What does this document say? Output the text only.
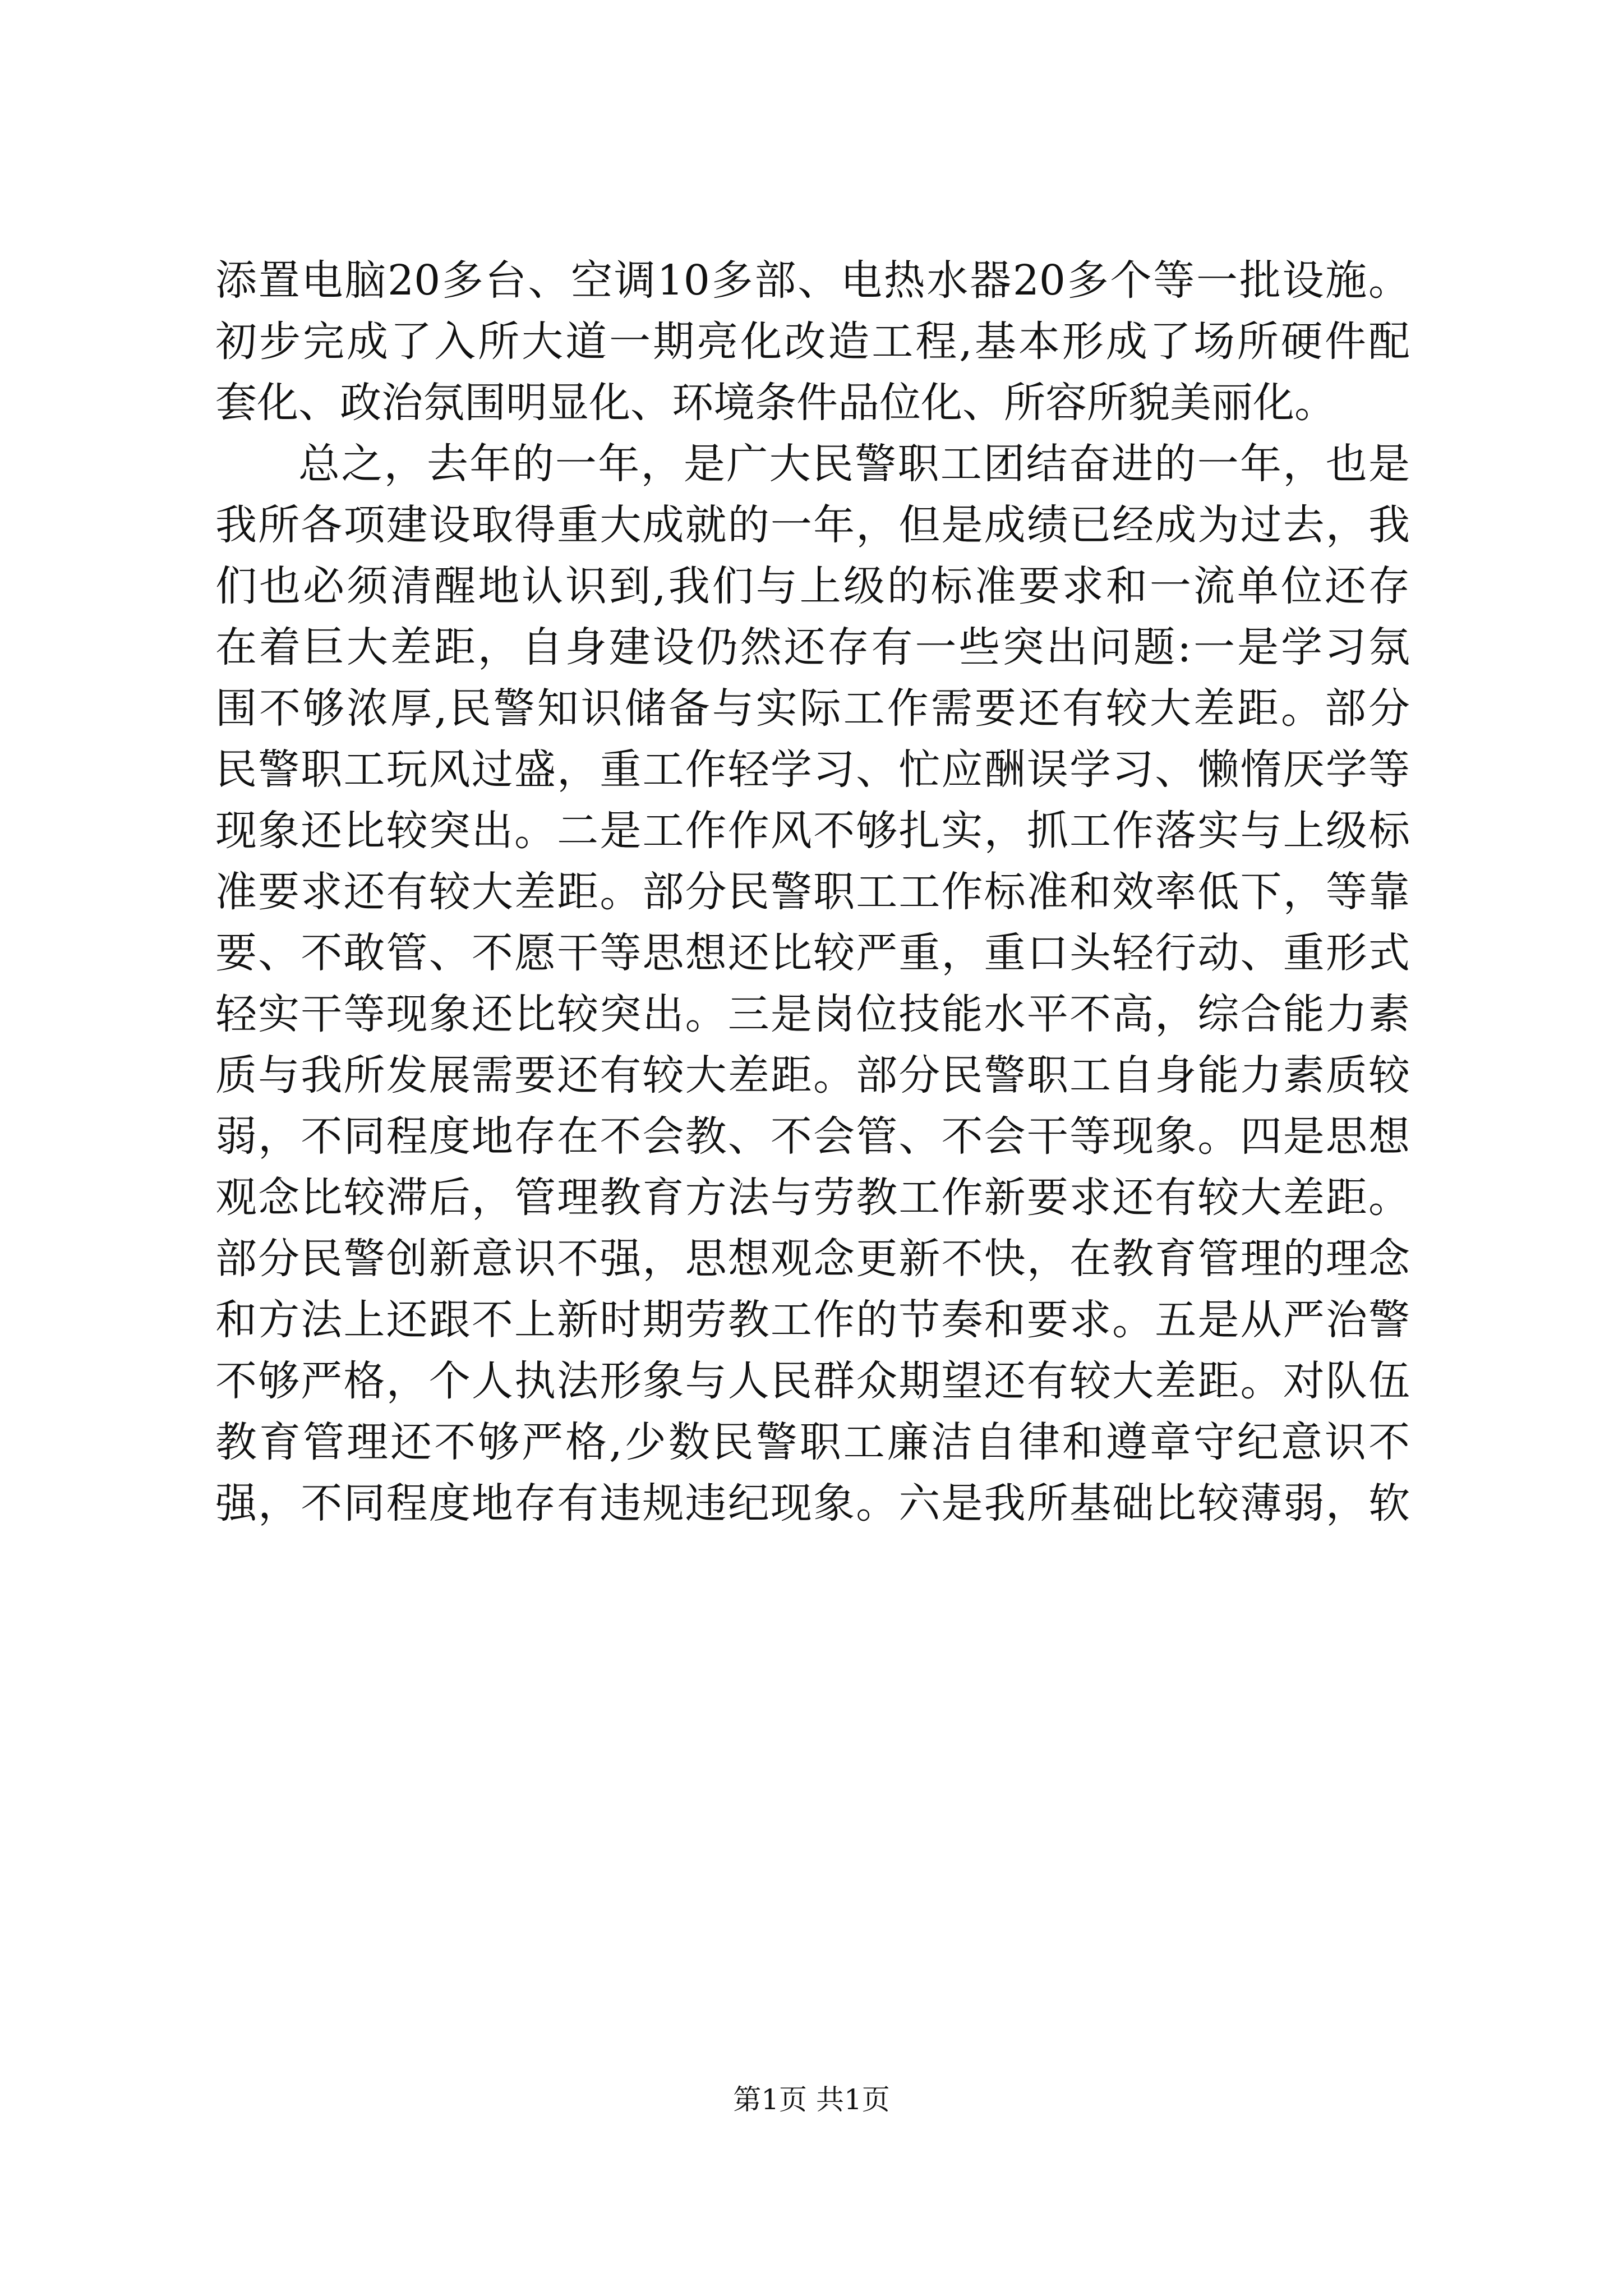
添置电脑20多台、空调10多部、电热水器20多个等一批设施。
初步完成了入所大道一期亮化改造工程,基本形成了场所硬件配
套化、政治氛围明显化、环境条件品位化、所容所貌美丽化。
总之，去年的一年，是广大民警职工团结奋进的一年，也是
我所各项建设取得重大成就的一年，但是成绩已经成为过去，我
们也必须清醒地认识到,我们与上级的标准要求和一流单位还存
在着巨大差距，自身建设仍然还存有一些突出问题:一是学习氛
围不够浓厚,民警知识储备与实际工作需要还有较大差距。部分
民警职工玩风过盛，重工作轻学习、忙应酬误学习、懒惰厌学等
现象还比较突出。二是工作作风不够扎实，抓工作落实与上级标
准要求还有较大差距。部分民警职工工作标准和效率低下，等靠
要、不敢管、不愿干等思想还比较严重，重口头轻行动、重形式
轻实干等现象还比较突出。三是岗位技能水平不高，综合能力素
质与我所发展需要还有较大差距。部分民警职工自身能力素质较
弱，不同程度地存在不会教、不会管、不会干等现象。四是思想
观念比较滞后，管理教育方法与劳教工作新要求还有较大差距。
部分民警创新意识不强，思想观念更新不快，在教育管理的理念
和方法上还跟不上新时期劳教工作的节奏和要求。五是从严治警
不够严格，个人执法形象与人民群众期望还有较大差距。对队伍
教育管理还不够严格,少数民警职工廉洁自律和遵章守纪意识不
强，不同程度地存有违规违纪现象。六是我所基础比较薄弱，软
第1页 共1页
